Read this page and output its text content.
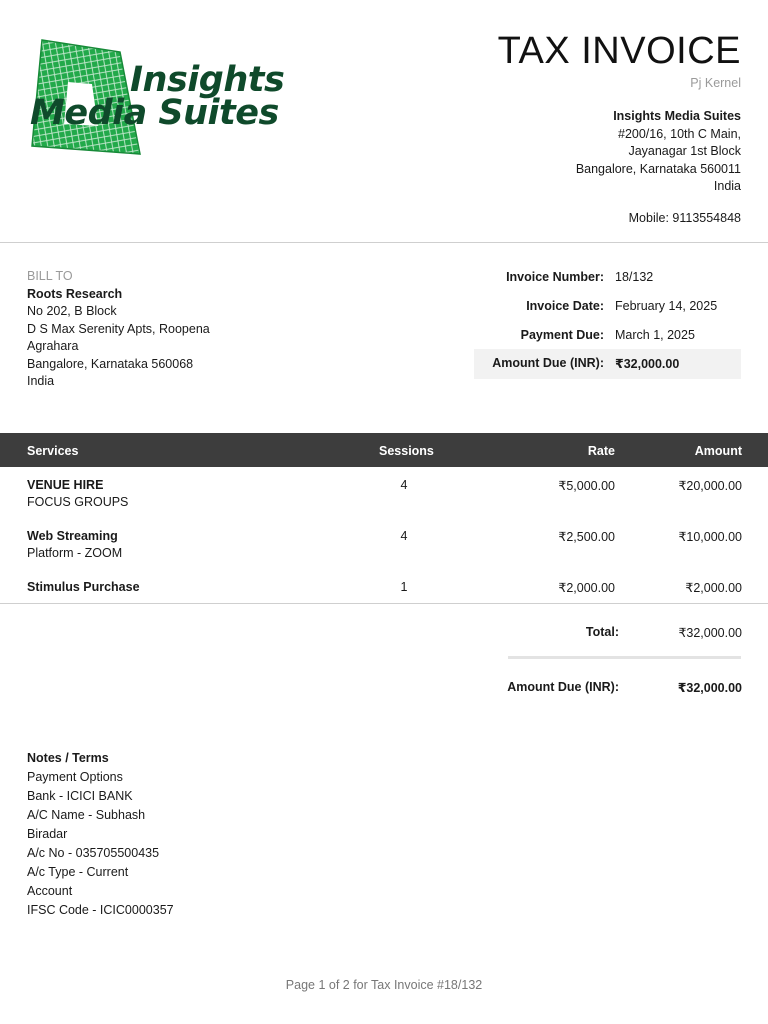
Insights
Media Suites
TAX INVOICE
Pj Kernel
Insights Media Suites
#200/16, 10th C Main,
Jayanagar 1st Block
Bangalore, Karnataka 560011
India
Mobile: 9113554848
BILL TO
Roots Research
No 202, B Block
D S Max Serenity Apts, Roopena Agrahara
Bangalore, Karnataka 560068
India
Invoice Number: 18/132
Invoice Date: February 14, 2025
Payment Due: March 1, 2025
Amount Due (INR): ₹32,000.00
Services	Sessions	Rate	Amount
VENUE HIRE
FOCUS GROUPS
4	₹5,000.00	₹20,000.00
Web Streaming
Platform - ZOOM
4	₹2,500.00	₹10,000.00
Stimulus Purchase	1	₹2,000.00	₹2,000.00
Total:	₹32,000.00
Amount Due (INR):	₹32,000.00
Notes / Terms
Payment Options
Bank - ICICI BANK
A/C Name - Subhash
Biradar
A/c No - 035705500435
A/c Type - Current
Account
IFSC Code - ICIC0000357
Page 1 of 2 for Tax Invoice #18/132
